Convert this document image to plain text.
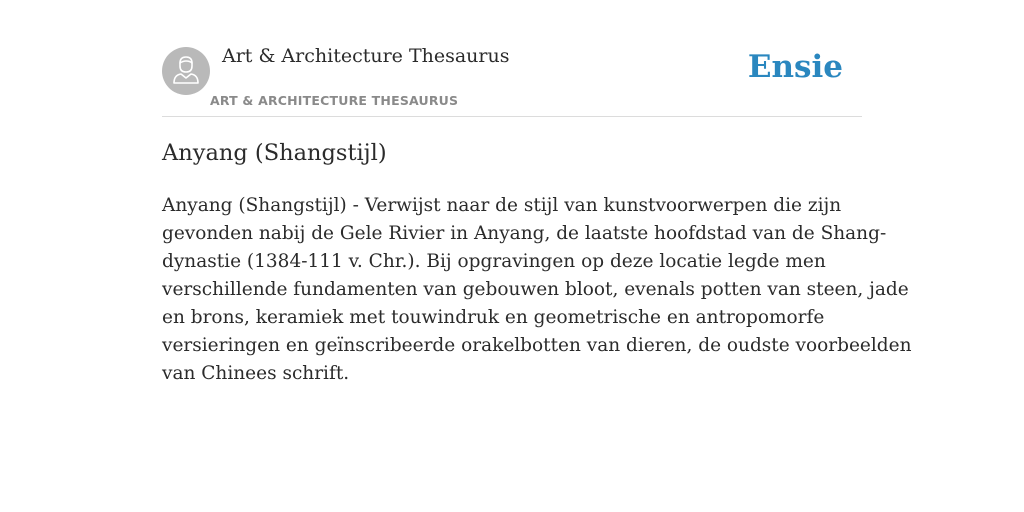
Art & Architecture Thesaurus
ART & ARCHITECTURE THESAURUS
Ensie
Anyang (Shangstijl)
Anyang (Shangstijl) - Verwijst naar de stijl van kunstvoorwerpen die zijn
gevonden nabij de Gele Rivier in Anyang, de laatste hoofdstad van de Shang-
dynastie (1384-111 v. Chr.). Bij opgravingen op deze locatie legde men
verschillende fundamenten van gebouwen bloot, evenals potten van steen, jade
en brons, keramiek met touwindruk en geometrische en antropomorfe
versieringen en geïnscribeerde orakelbotten van dieren, de oudste voorbeelden
van Chinees schrift.
